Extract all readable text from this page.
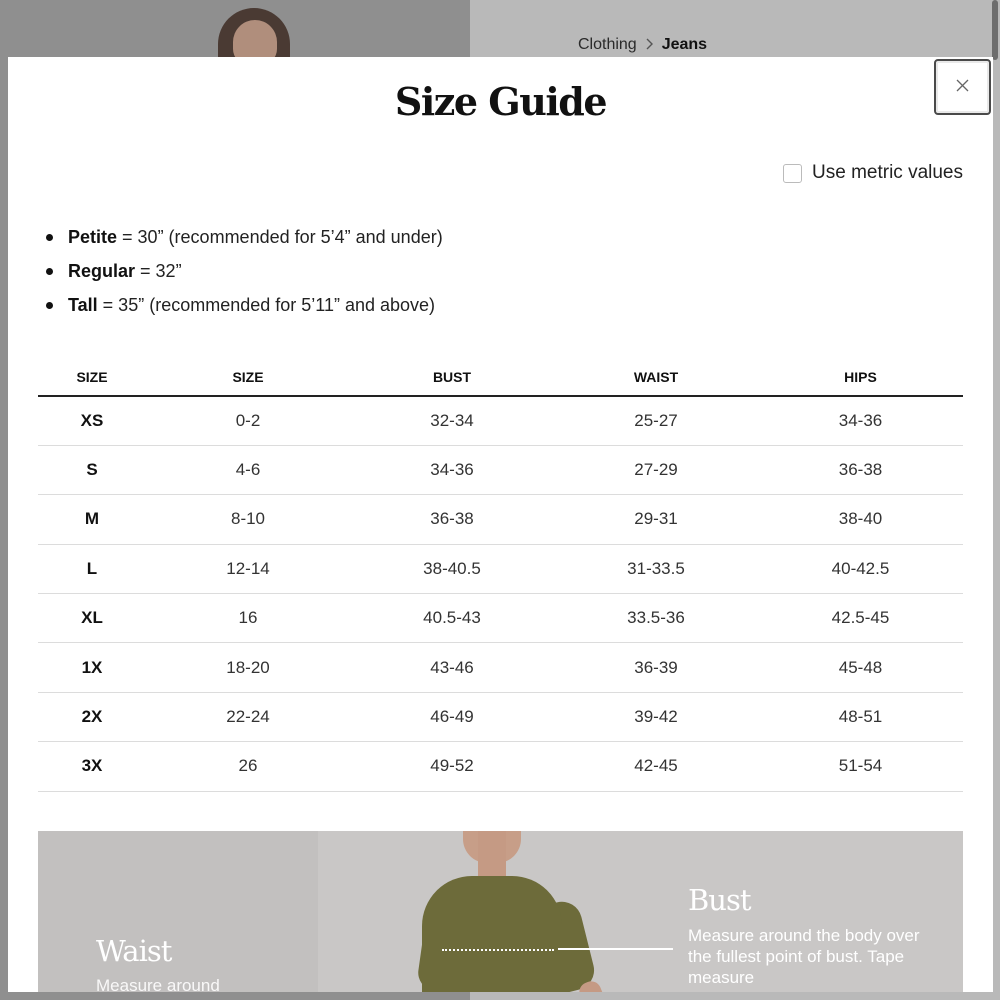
Clothing Jeans
Size Guide
Use metric values
Petite = 30” (recommended for 5’4” and under)
Regular = 32”
Tall = 35” (recommended for 5’11” and above)
SIZE	SIZE	BUST	WAIST	HIPS
XS	0-2	32-34	25-27	34-36
S	4-6	34-36	27-29	36-38
M	8-10	36-38	29-31	38-40
L	12-14	38-40.5	31-33.5	40-42.5
XL	16	40.5-43	33.5-36	42.5-45
1X	18-20	43-46	36-39	45-48
2X	22-24	46-49	39-42	48-51
3X	26	49-52	42-45	51-54
Waist
Measure around
Bust
Measure around the body over the fullest point of bust. Tape measure
